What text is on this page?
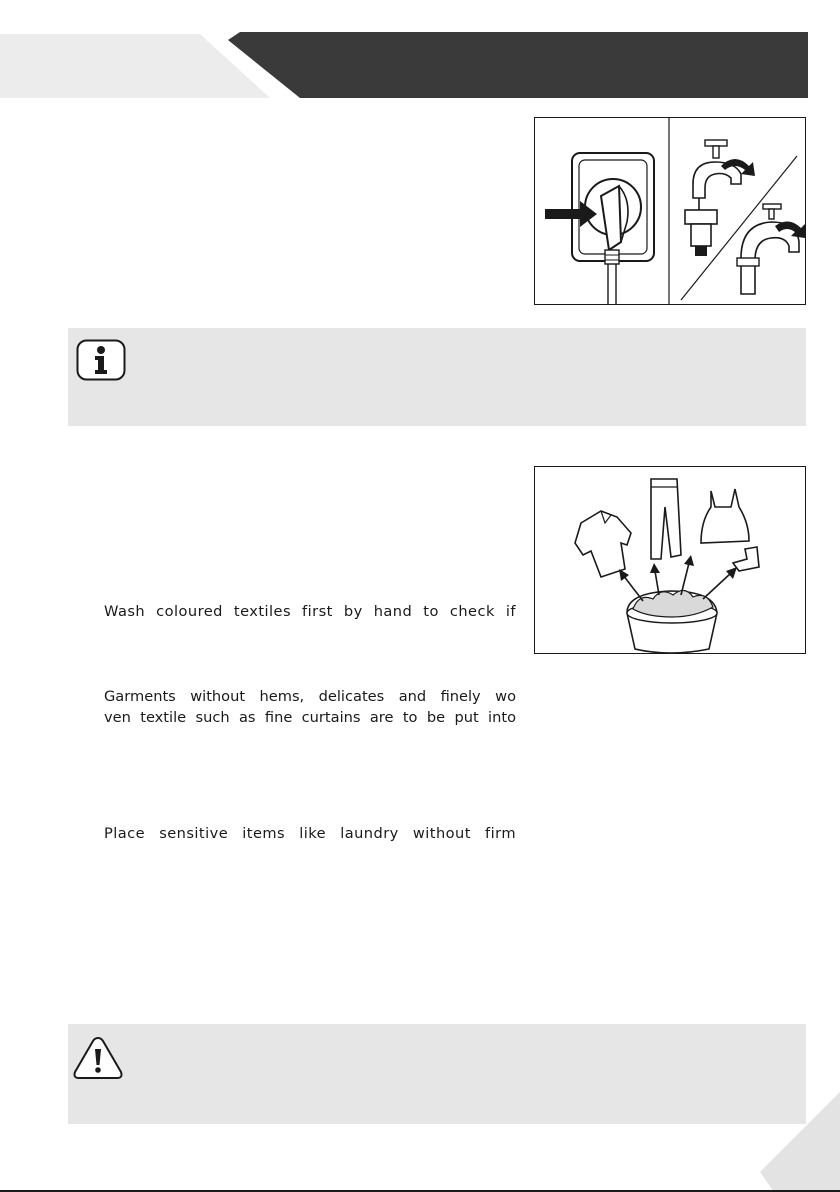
Wash coloured textiles first by hand to check if
Garments without hems, delicates and finely wo
ven textile such as fine curtains are to be put into
Place sensitive items like laundry without firm
